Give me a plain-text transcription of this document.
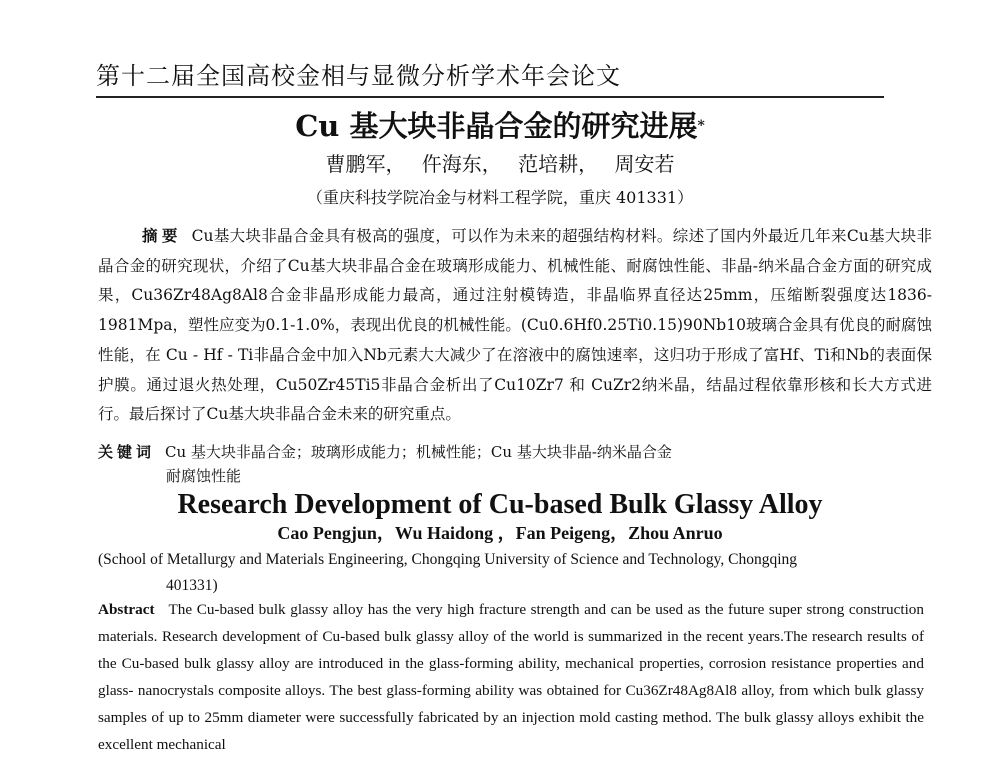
第十二届全国高校金相与显微分析学术年会论文
Cu 基大块非晶合金的研究进展*
曹鹏军， 仵海东， 范培耕， 周安若
（重庆科技学院冶金与材料工程学院，重庆 401331）
摘要 Cu基大块非晶合金具有极高的强度，可以作为未来的超强结构材料。综述了国内外最近几年来Cu基大块非晶合金的研究现状，介绍了Cu基大块非晶合金在玻璃形成能力、机械性能、耐腐蚀性能、非晶-纳米晶合金方面的研究成果，Cu36Zr48Ag8Al8合金非晶形成能力最高，通过注射模铸造，非晶临界直径达25mm，压缩断裂强度达1836-1981Mpa，塑性应变为0.1-1.0%，表现出优良的机械性能。(Cu0.6Hf0.25Ti0.15)90Nb10玻璃合金具有优良的耐腐蚀性能，在 Cu - Hf - Ti非晶合金中加入Nb元素大大减少了在溶液中的腐蚀速率，这归功于形成了富Hf、Ti和Nb的表面保护膜。通过退火热处理，Cu50Zr45Ti5非晶合金析出了Cu10Zr7 和 CuZr2纳米晶，结晶过程依靠形核和长大方式进行。最后探讨了Cu基大块非晶合金未来的研究重点。
关键词 Cu 基大块非晶合金；玻璃形成能力；机械性能；Cu 基大块非晶-纳米晶合金
耐腐蚀性能
Research Development of Cu-based Bulk Glassy Alloy
Cao Pengjun，Wu Haidong ，Fan Peigeng，Zhou Anruo
(School of Metallurgy and Materials Engineering, Chongqing University of Science and Technology, Chongqing
401331)
Abstract The Cu-based bulk glassy alloy has the very high fracture strength and can be used as the future super strong construction materials. Research development of Cu-based bulk glassy alloy of the world is summarized in the recent years.The research results of the Cu-based bulk glassy alloy are introduced in the glass-forming ability, mechanical properties, corrosion resistance properties and glass- nanocrystals composite alloys. The best glass-forming ability was obtained for Cu36Zr48Ag8Al8 alloy, from which bulk glassy samples of up to 25mm diameter were successfully fabricated by an injection mold casting method. The bulk glassy alloys exhibit the excellent mechanical
